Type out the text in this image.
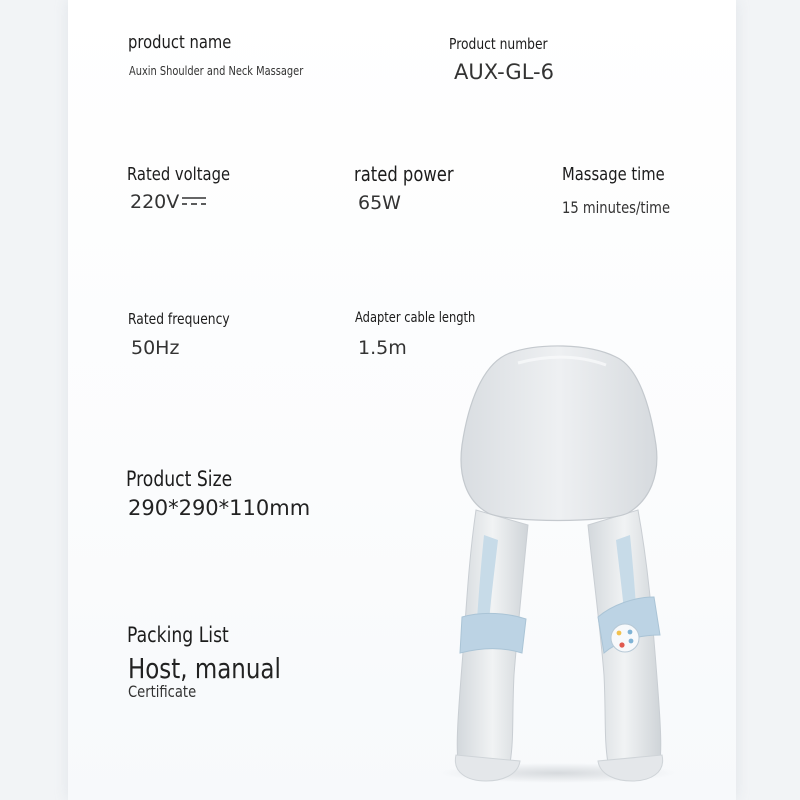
product name
Auxin Shoulder and Neck Massager
Product number
AUX-GL-6
Rated voltage
220V
rated power
65W
Massage time
15 minutes/time
Rated frequency
50Hz
Adapter cable length
1.5m
Product Size
290*290*110mm
Packing List
Host, manual
Certificate
